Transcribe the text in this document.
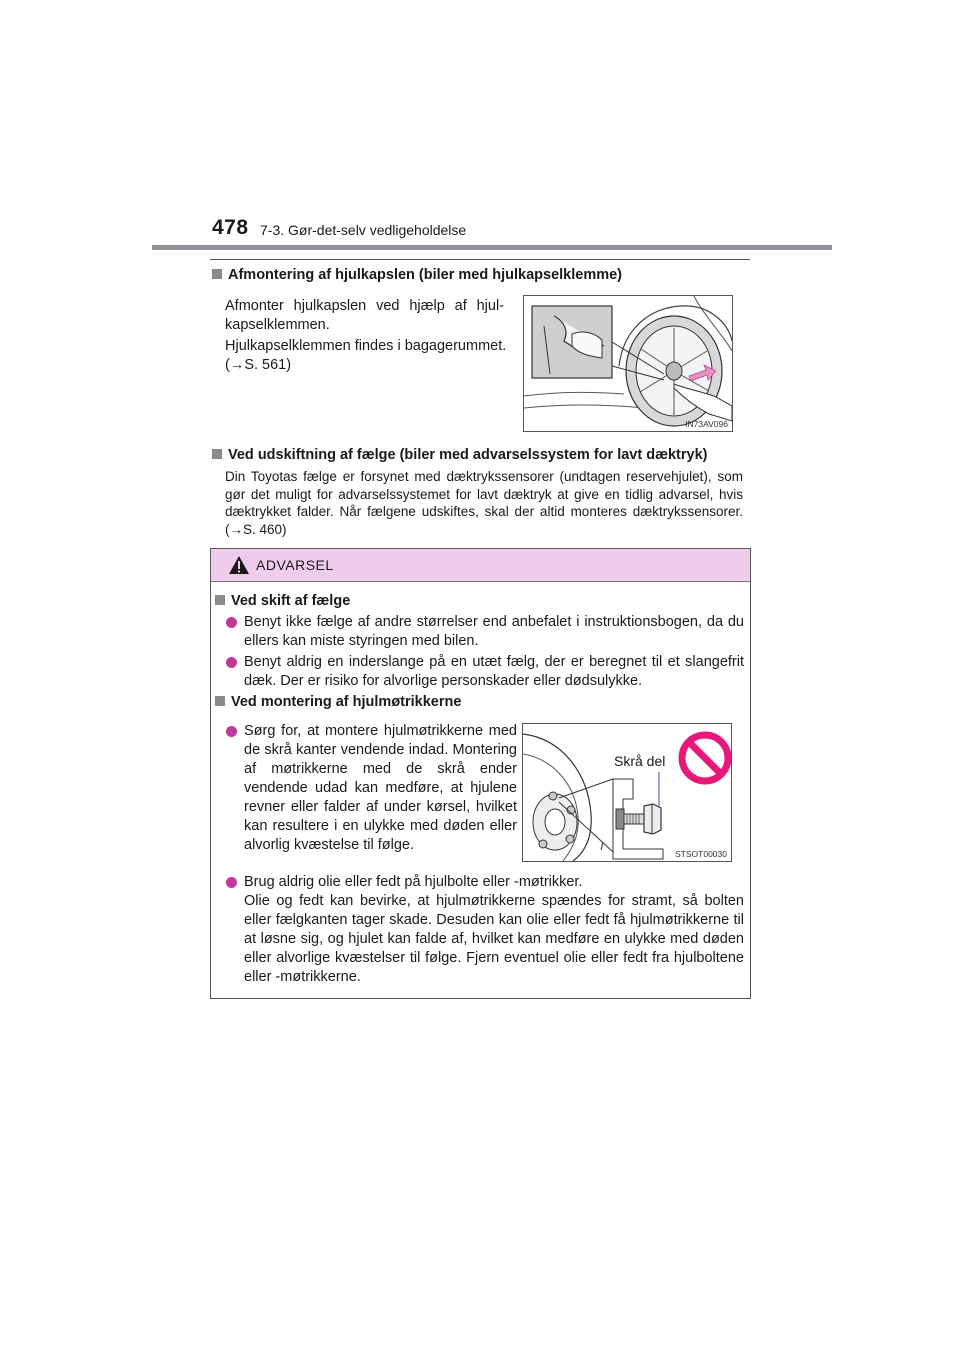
478 7-3. Gør-det-selv vedligeholdelse
Afmontering af hjulkapslen (biler med hjulkapselklemme)
Afmonter hjulkapslen ved hjælp af hjul-kapselklemmen.
Hjulkapselklemmen findes i bagagerummet.
(→S. 561)
IN73AV096
Ved udskiftning af fælge (biler med advarselssystem for lavt dæktryk)
Din Toyotas fælge er forsynet med dæktrykssensorer (undtagen reservehjulet), som gør det muligt for advarselssystemet for lavt dæktryk at give en tidlig advarsel, hvis dæktrykket falder. Når fælgene udskiftes, skal der altid monteres dæktrykssensorer. (→S. 460)
ADVARSEL
Ved skift af fælge
Benyt ikke fælge af andre størrelser end anbefalet i instruktionsbogen, da du ellers kan miste styringen med bilen.
Benyt aldrig en inderslange på en utæt fælg, der er beregnet til et slangefrit dæk. Der er risiko for alvorlige personskader eller dødsulykke.
Ved montering af hjulmøtrikkerne
Sørg for, at montere hjulmøtrikkerne med de skrå kanter vendende indad. Montering af møtrikkerne med de skrå ender vendende udad kan medføre, at hjulene revner eller falder af under kørsel, hvilket kan resultere i en ulykke med døden eller alvorlig kvæstelse til følge.
Skrå del
STSOT00030
Brug aldrig olie eller fedt på hjulbolte eller -møtrikker.
Olie og fedt kan bevirke, at hjulmøtrikkerne spændes for stramt, så bolten eller fælgkanten tager skade. Desuden kan olie eller fedt få hjulmøtrikkerne til at løsne sig, og hjulet kan falde af, hvilket kan medføre en ulykke med døden eller alvorlige kvæstelser til følge. Fjern eventuel olie eller fedt fra hjulboltene eller -møtrikkerne.
